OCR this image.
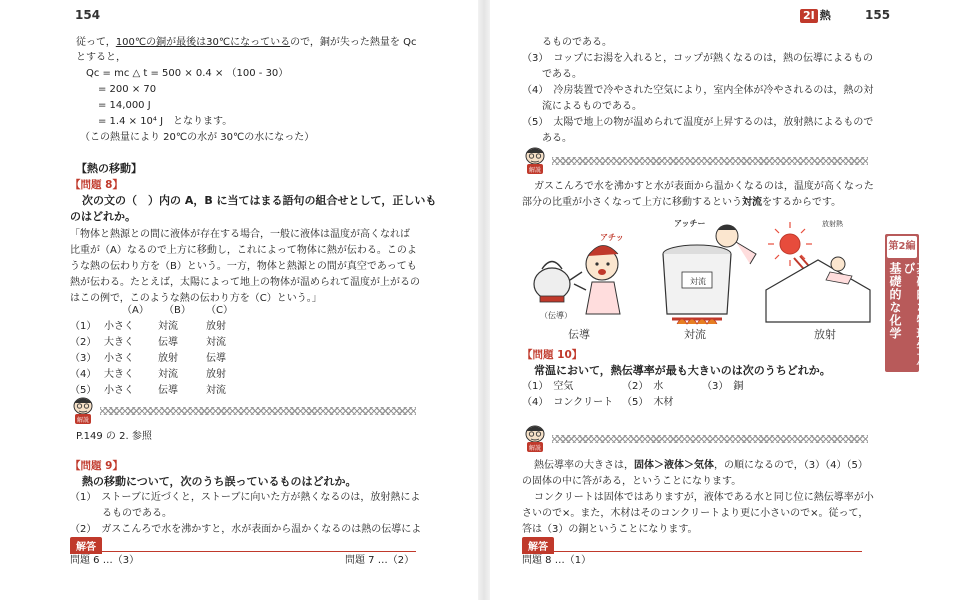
154
従って，100℃の銅が最後は30℃になっているので，銅が失った熱量を Qc
とすると，
Qc = mc △ t = 500 × 0.4 × （100 - 30）
= 200 × 70
= 14,000 J
= 1.4 × 10⁴ J　となります。
（この熱量により 20℃の水が 30℃の水になった）
【熱の移動】
【問題 8】
次の文の（　）内の A，B に当てはまる語句の組合せとして，正しいも
のはどれか。
「物体と熱源との間に液体が存在する場合，一般に液体は温度が高くなれば
比重が（A）なるので上方に移動し，これによって物体に熱が伝わる。このよ
うな熱の伝わり方を（B）という。一方，物体と熱源との間が真空であっても
熱が伝わる。たとえば，太陽によって地上の物体が温められて温度が上がるの
はこの例で，このような熱の伝わり方を（C）という。」
（A） （B） （C）
（1） 小さく 対流	放射
（2） 大きく 伝導	対流
（3） 小さく 放射	伝導
（4） 大きく 対流	放射
（5） 小さく 伝導	対流
解説
P.149 の 2. 参照
【問題 9】
熱の移動について，次のうち誤っているものはどれか。
（1）　ストーブに近づくと，ストーブに向いた方が熱くなるのは，放射熱によ
るものである。
（2）　ガスこんろで水を沸かすと，水が表面から温かくなるのは熱の伝導によ
解答
問題 6 …（3）	問題 7 …（2）
2Ⅰ 熱	155
るものである。
（3）　コップにお湯を入れると，コップが熱くなるのは，熱の伝導によるもの
である。
（4）　冷房装置で冷やされた空気により，室内全体が冷やされるのは，熱の対
流によるものである。
（5）　太陽で地上の物が温められて温度が上昇するのは，放射熱によるもので
ある。
解説
ガスこんろで水を沸かすと水が表面から温かくなるのは，温度が高くなった
部分の比重が小さくなって上方に移動するという対流をするからです。
（伝導）
アチッ
対流
アッチー	放射熱
伝導	対流	放射
【問題 10】
常温において，熱伝導率が最も大きいのは次のうちどれか。
（1）　空気	（2）　水	（3）　銅
（4）　コンクリート （5）　木材
解説
熱伝導率の大きさは，固体＞液体＞気体，の順になるので，（3）（4）（5）
の固体の中に答がある，ということになります。
コンクリートは固体ではありますが，液体である水と同じ位に熱伝導率が小
さいので×。また，木材はそのコンクリートより更に小さいので×。従って，
答は（3）の銅ということになります。
解答
問題 8 …（1）
第2編
基礎的な物理学及び
基礎的な化学
